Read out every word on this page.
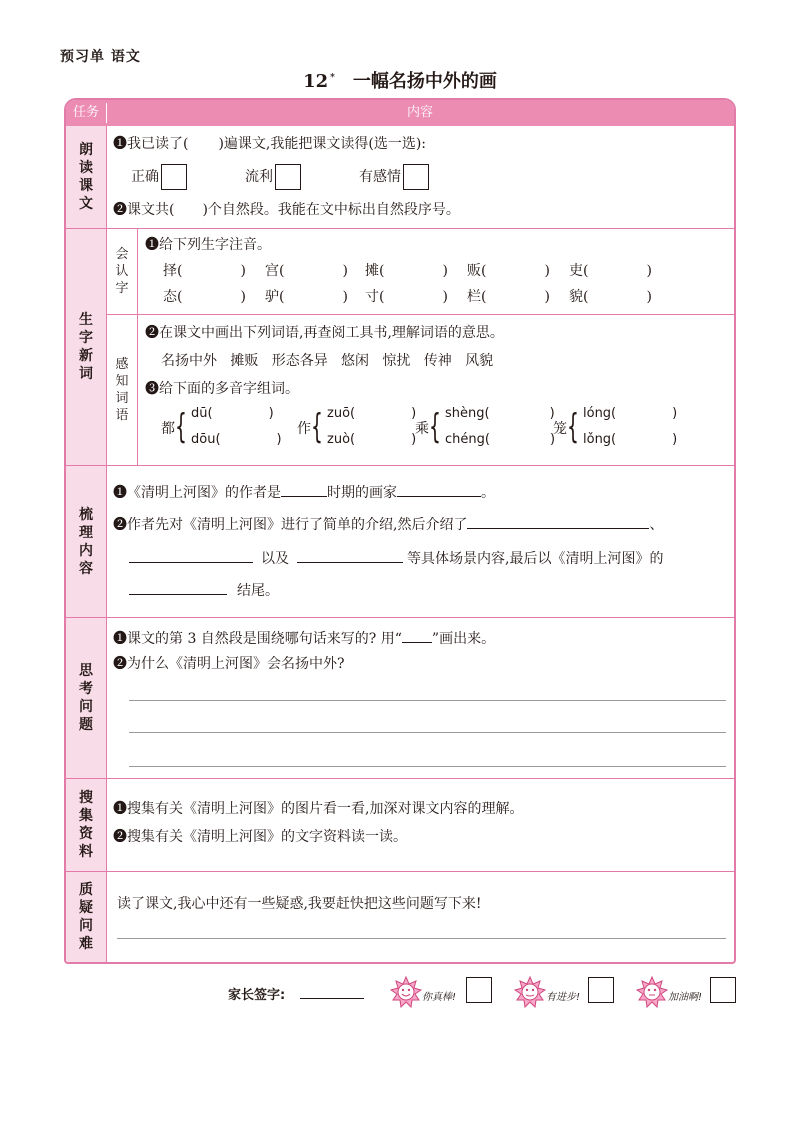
预习单 语文
12 * 一幅名扬中外的画
任务	内容
朗读课文
❶我已读了( )遍课文,我能把课文读得(选一选):
正确	流利	有感情
❷课文共( )个自然段。我能在文中标出自然段序号。
生字新词
会认字
感知词语
❶给下列生字注音。
择(	) 宫(	) 摊(	) 贩(	) 吏(	)
态(	) 驴(	) 寸(	) 栏(	) 貌(	)
❷在课文中画出下列词语,再查阅工具书,理解词语的意思。
名扬中外   摊贩   形态各异   悠闲   惊扰   传神   风貌
❸给下面的多音字组词。
都 { dū(	)
dōu(	)
作 { zuō(	)
zuò(	)
乘 { shèng(	)
chéng(	)
笼 { lóng(	)
lǒng(	)
梳理内容
❶《清明上河图》的作者是	时期的画家	。
❷作者先对《清明上河图》进行了简单的介绍,然后介绍了	、
以及	等具体场景内容,最后以《清明上河图》的
结尾。
思考问题
❶课文的第 3 自然段是围绕哪句话来写的? 用“ ”画出来。
❷为什么《清明上河图》会名扬中外?
搜集资料
❶搜集有关《清明上河图》的图片看一看,加深对课文内容的理解。
❷搜集有关《清明上河图》的文字资料读一读。
质疑问难
读了课文,我心中还有一些疑惑,我要赶快把这些问题写下来!
家长签字:	你真棒!	有进步!	加油啊!
